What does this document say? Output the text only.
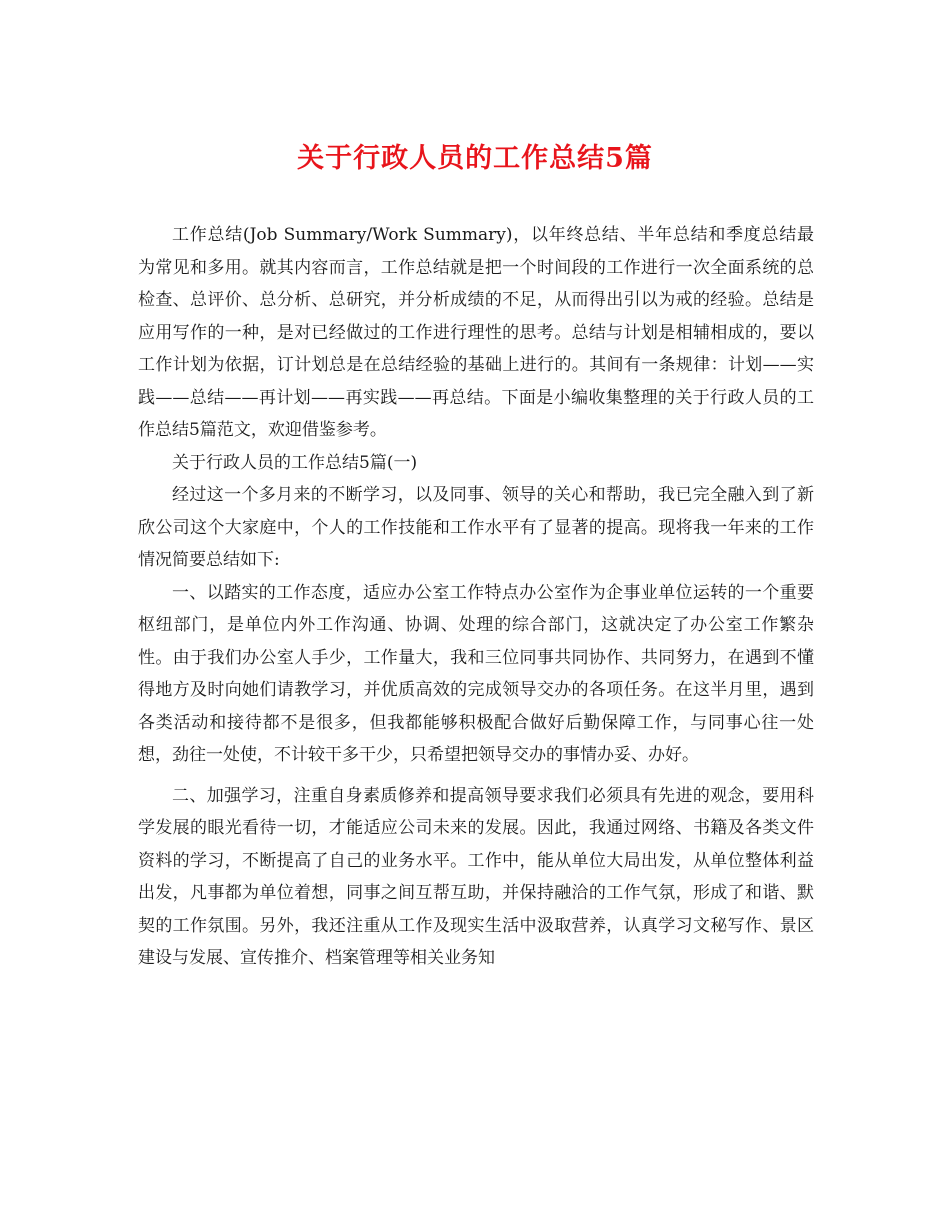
关于行政人员的工作总结5篇

工作总结(Job Summary/Work Summary)，以年终总结、半年总结和季度总结最为常见和多用。就其内容而言，工作总结就是把一个时间段的工作进行一次全面系统的总检查、总评价、总分析、总研究，并分析成绩的不足，从而得出引以为戒的经验。总结是应用写作的一种，是对已经做过的工作进行理性的思考。总结与计划是相辅相成的，要以工作计划为依据，订计划总是在总结经验的基础上进行的。其间有一条规律：计划——实践——总结——再计划——再实践——再总结。下面是小编收集整理的关于行政人员的工作总结5篇范文，欢迎借鉴参考。

关于行政人员的工作总结5篇(一)

经过这一个多月来的不断学习，以及同事、领导的关心和帮助，我已完全融入到了新欣公司这个大家庭中，个人的工作技能和工作水平有了显著的提高。现将我一年来的工作情况简要总结如下:

一、以踏实的工作态度，适应办公室工作特点办公室作为企事业单位运转的一个重要枢纽部门，是单位内外工作沟通、协调、处理的综合部门，这就决定了办公室工作繁杂性。由于我们办公室人手少，工作量大，我和三位同事共同协作、共同努力，在遇到不懂得地方及时向她们请教学习，并优质高效的完成领导交办的各项任务。在这半月里，遇到各类活动和接待都不是很多，但我都能够积极配合做好后勤保障工作，与同事心往一处想，劲往一处使，不计较干多干少，只希望把领导交办的事情办妥、办好。

二、加强学习，注重自身素质修养和提高领导要求我们必须具有先进的观念，要用科学发展的眼光看待一切，才能适应公司未来的发展。因此，我通过网络、书籍及各类文件资料的学习，不断提高了自己的业务水平。工作中，能从单位大局出发，从单位整体利益出发，凡事都为单位着想，同事之间互帮互助，并保持融洽的工作气氛，形成了和谐、默契的工作氛围。另外，我还注重从工作及现实生活中汲取营养，认真学习文秘写作、景区建设与发展、宣传推介、档案管理等相关业务知
